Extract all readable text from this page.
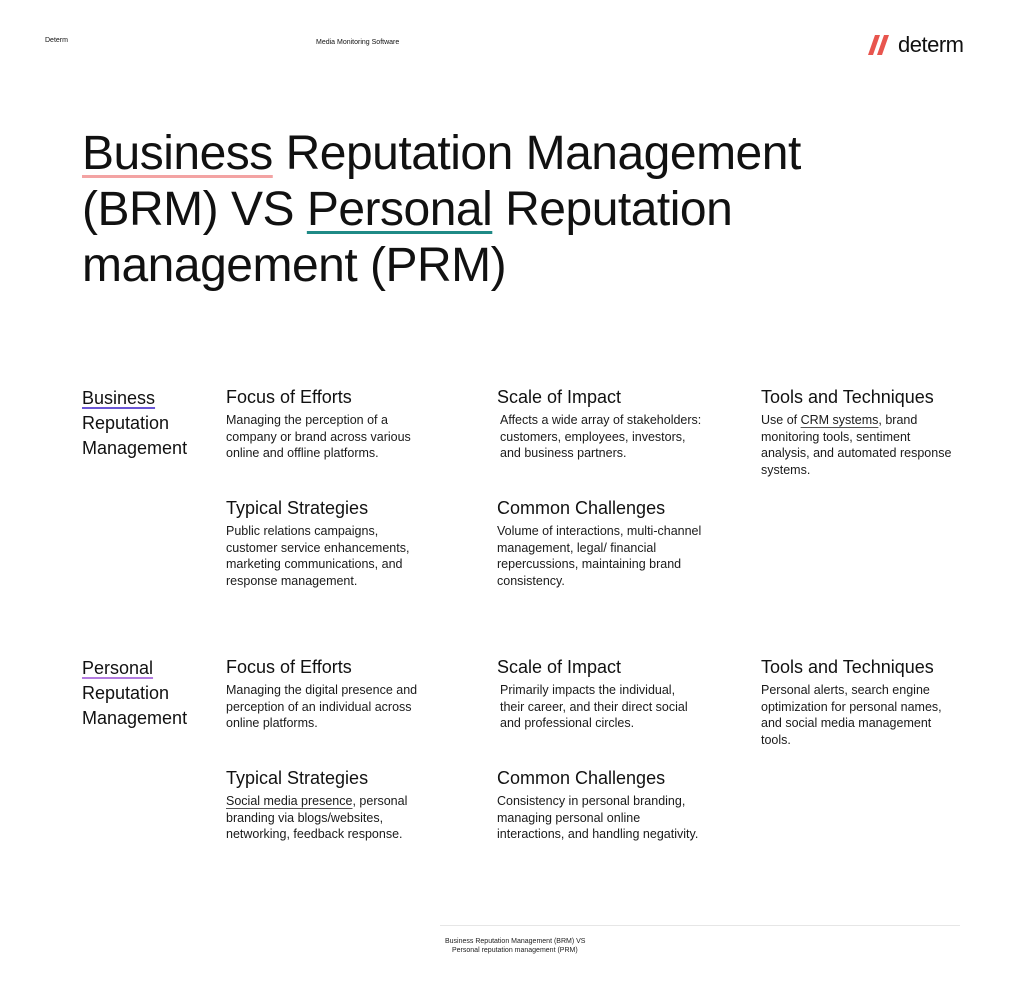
Determ	Media Monitoring Software	determ
Business Reputation Management (BRM) VS Personal Reputation management (PRM)
Business
Reputation Management
Focus of Efforts
Managing the perception of a company or brand across various online and offline platforms.
Scale of Impact
Affects a wide array of stakeholders: customers, employees, investors, and business partners.
Tools and Techniques
Use of CRM systems, brand monitoring tools, sentiment analysis, and automated response systems.
Typical Strategies
Public relations campaigns, customer service enhancements, marketing communications, and response management.
Common Challenges
Volume of interactions, multi-channel management, legal/ financial repercussions, maintaining brand consistency.
Personal
Reputation Management
Focus of Efforts
Managing the digital presence and perception of an individual across online platforms.
Scale of Impact
Primarily impacts the individual, their career, and their direct social and professional circles.
Tools and Techniques
Personal alerts, search engine optimization for personal names, and social media management tools.
Typical Strategies
Social media presence, personal branding via blogs/websites, networking, feedback response.
Common Challenges
Consistency in personal branding, managing personal online interactions, and handling negativity.
Business Reputation Management (BRM) VS
Personal reputation management (PRM)
